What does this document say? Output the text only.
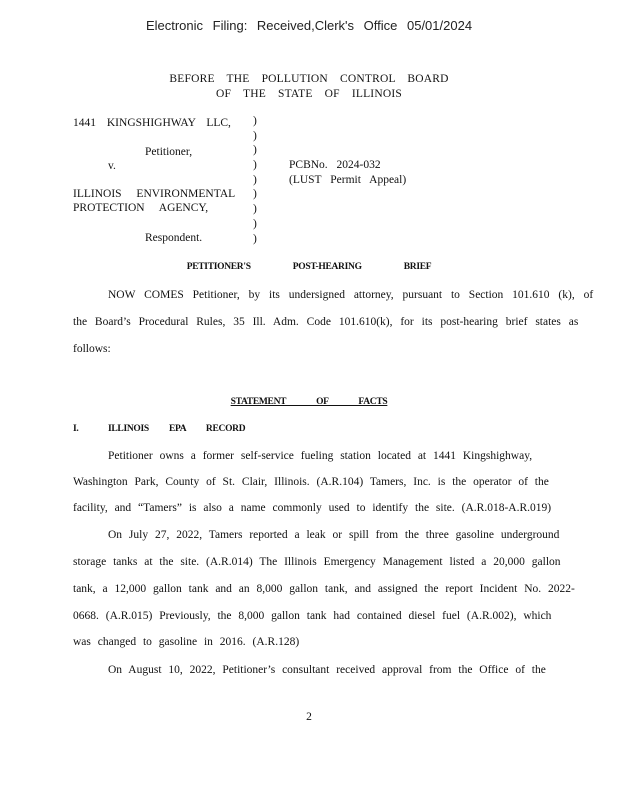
Electronic Filing: Received,Clerk's Office 05/01/2024
BEFORE THE POLLUTION CONTROL BOARD
OF THE STATE OF ILLINOIS
1441 KINGSHIGHWAY LLC,
Petitioner,
v.
ILLINOIS ENVIRONMENTAL
PROTECTION AGENCY,
Respondent.
)
)
)
)
)
)
)
)
)
PCBNo. 2024-032
(LUST Permit Appeal)
PETITIONER'S POST-HEARING BRIEF
NOW COMES Petitioner, by its undersigned attorney, pursuant to Section 101.610 (k), of
the Board’s Procedural Rules, 35 Ill. Adm. Code 101.610(k), for its post-hearing brief states as
follows:
STATEMENT OF FACTS
I.	ILLINOIS EPA RECORD
Petitioner owns a former self-service fueling station located at 1441 Kingshighway,
Washington Park, County of St. Clair, Illinois. (A.R.104) Tamers, Inc. is the operator of the
facility, and “Tamers” is also a name commonly used to identify the site. (A.R.018-A.R.019)
On July 27, 2022, Tamers reported a leak or spill from the three gasoline underground
storage tanks at the site. (A.R.014) The Illinois Emergency Management listed a 20,000 gallon
tank, a 12,000 gallon tank and an 8,000 gallon tank, and assigned the report Incident No. 2022-
0668. (A.R.015) Previously, the 8,000 gallon tank had contained diesel fuel (A.R.002), which
was changed to gasoline in 2016. (A.R.128)
On August 10, 2022, Petitioner’s consultant received approval from the Office of the
2
